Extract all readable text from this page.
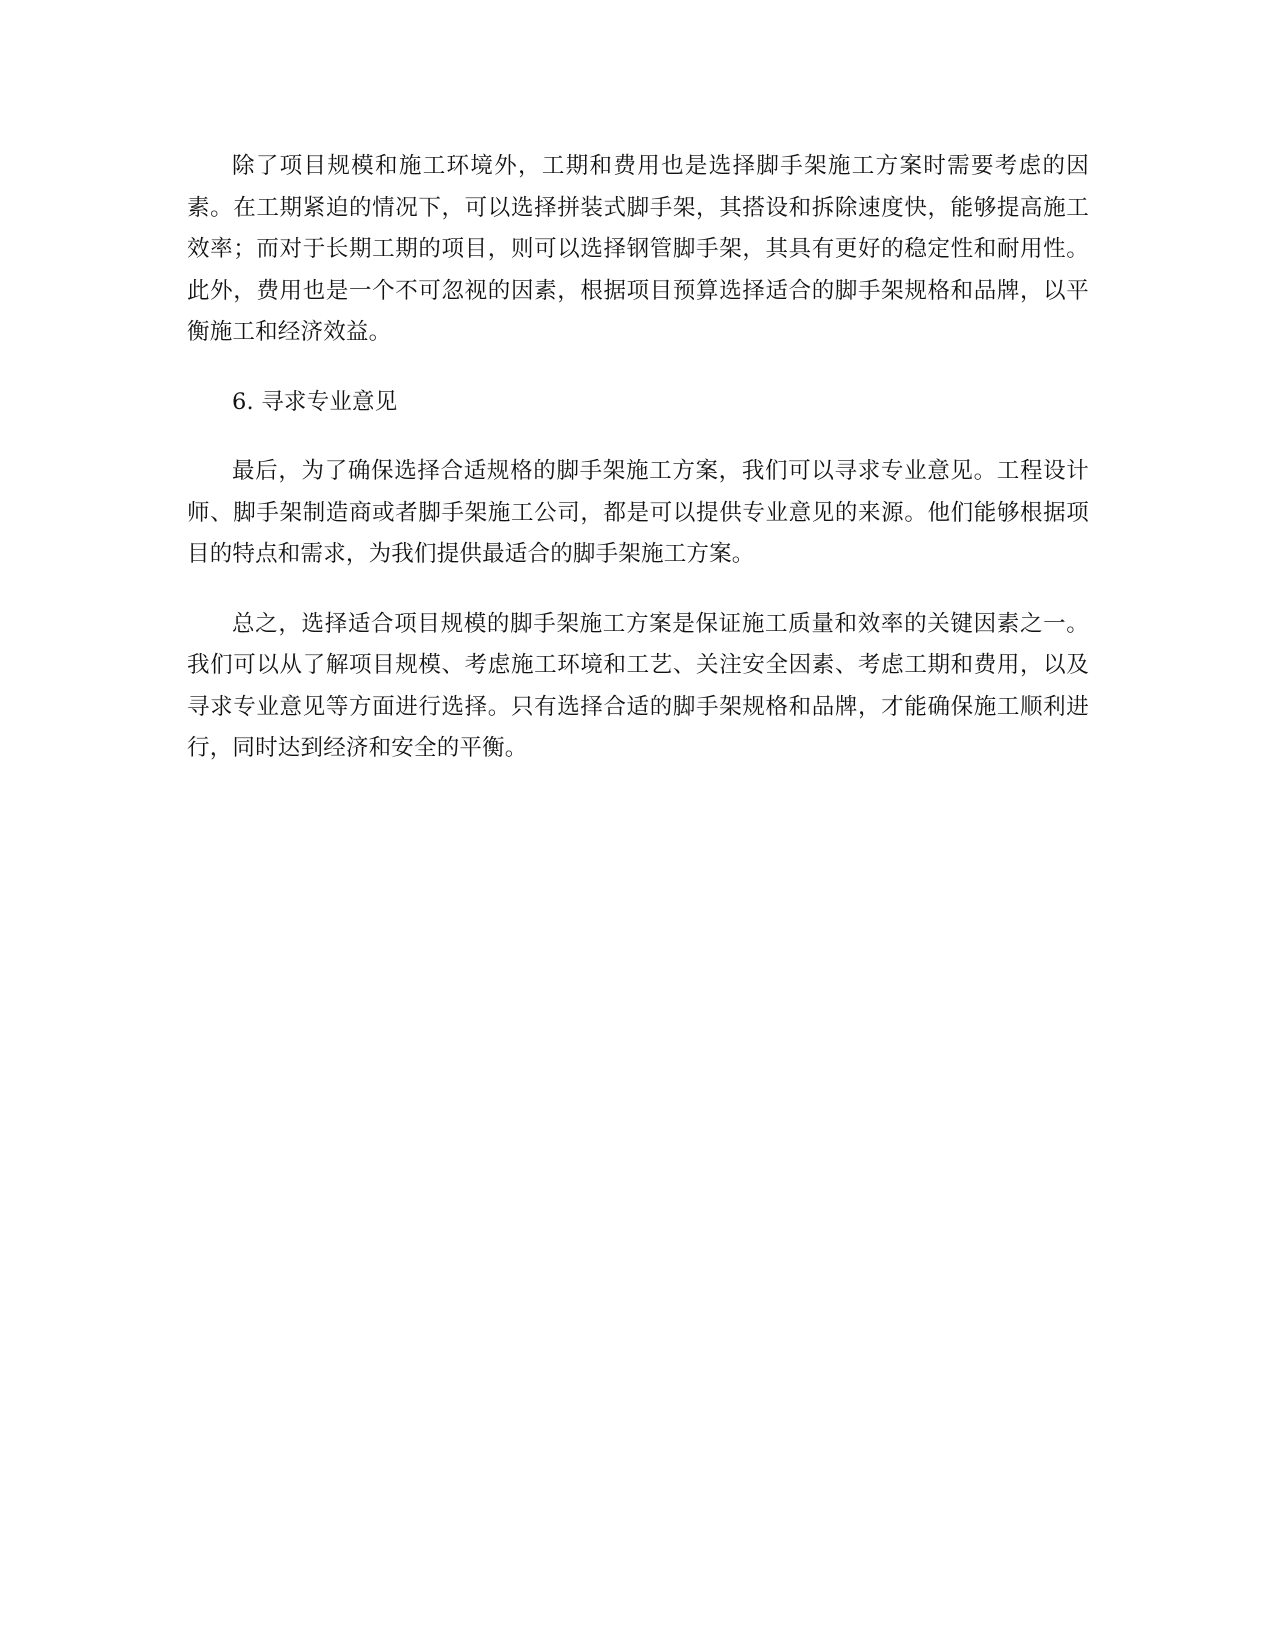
除了项目规模和施工环境外，工期和费用也是选择脚手架施工方案时需要考虑的因素。在工期紧迫的情况下，可以选择拼装式脚手架，其搭设和拆除速度快，能够提高施工效率；而对于长期工期的项目，则可以选择钢管脚手架，其具有更好的稳定性和耐用性。此外，费用也是一个不可忽视的因素，根据项目预算选择适合的脚手架规格和品牌，以平衡施工和经济效益。

6. 寻求专业意见

最后，为了确保选择合适规格的脚手架施工方案，我们可以寻求专业意见。工程设计师、脚手架制造商或者脚手架施工公司，都是可以提供专业意见的来源。他们能够根据项目的特点和需求，为我们提供最适合的脚手架施工方案。

总之，选择适合项目规模的脚手架施工方案是保证施工质量和效率的关键因素之一。我们可以从了解项目规模、考虑施工环境和工艺、关注安全因素、考虑工期和费用，以及寻求专业意见等方面进行选择。只有选择合适的脚手架规格和品牌，才能确保施工顺利进行，同时达到经济和安全的平衡。
